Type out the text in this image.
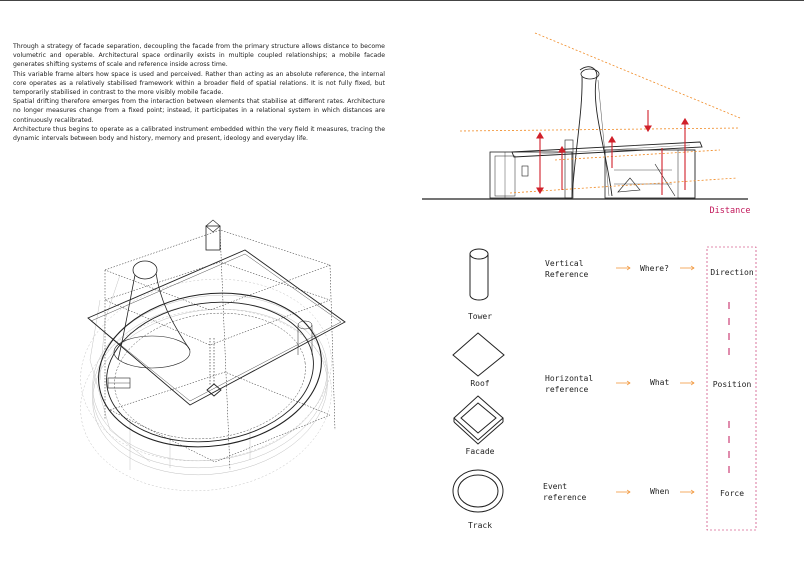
Through a strategy of facade separation, decoupling the facade from the primary structure allows distance to become volumetric and operable. Architectural space ordinarily exists in multiple coupled relationships; a mobile facade generates shifting systems of scale and reference inside across time.

This variable frame alters how space is used and perceived. Rather than acting as an absolute reference, the internal core operates as a relatively stabilised framework within a broader field of spatial relations. It is not fully fixed, but temporarily stabilised in contrast to the more visibly mobile facade.

Spatial drifting therefore emerges from the interaction between elements that stabilise at different rates. Architecture no longer measures change from a fixed point; instead, it participates in a relational system in which distances are continuously recalibrated.

Architecture thus begins to operate as a calibrated instrument embedded within the very field it measures, tracing the dynamic intervals between body and history, memory and present, ideology and everyday life.

Distance
Tower
Roof
Facade
Track
Vertical
Reference
Horizontal
reference
Event
reference
Where?
What
When
Direction
Position
Force
